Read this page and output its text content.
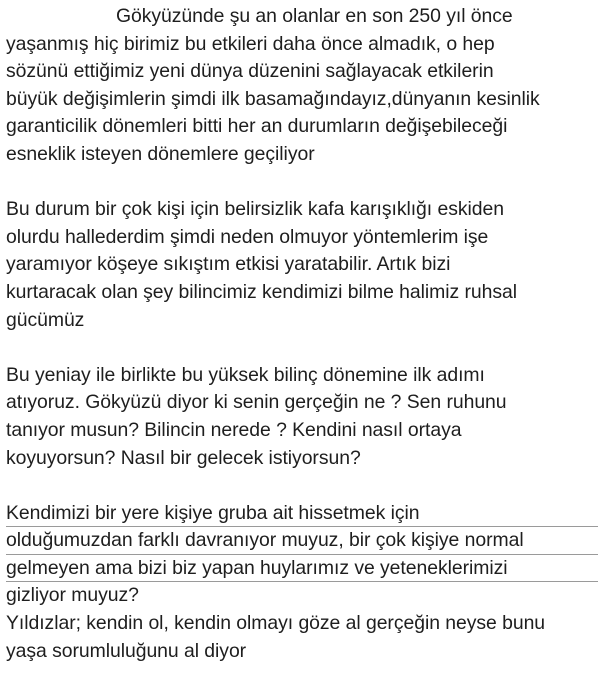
Gökyüzünde şu an olanlar en son 250 yıl önce
yaşanmış hiç birimiz bu etkileri daha önce almadık, o hep
sözünü ettiğimiz yeni dünya düzenini sağlayacak etkilerin
büyük değişimlerin şimdi ilk basamağındayız,dünyanın kesinlik
garanticilik dönemleri bitti her an durumların değişebileceği
esneklik isteyen dönemlere geçiliyor
Bu durum bir çok kişi için belirsizlik kafa karışıklığı eskiden
olurdu hallederdim şimdi neden olmuyor yöntemlerim işe
yaramıyor köşeye sıkıştım etkisi yaratabilir. Artık bizi
kurtaracak olan şey bilincimiz kendimizi bilme halimiz ruhsal
gücümüz
Bu yeniay ile birlikte bu yüksek bilinç dönemine ilk adımı
atıyoruz. Gökyüzü diyor ki senin gerçeğin ne ? Sen ruhunu
tanıyor musun? Bilincin nerede ? Kendini nasıl ortaya
koyuyorsun? Nasıl bir gelecek istiyorsun?
Kendimizi bir yere kişiye gruba ait hissetmek için
olduğumuzdan farklı davranıyor muyuz, bir çok kişiye normal
gelmeyen ama bizi biz yapan huylarımız ve yeteneklerimizi
gizliyor muyuz?
Yıldızlar; kendin ol, kendin olmayı göze al gerçeğin neyse bunu
yaşa sorumluluğunu al diyor
